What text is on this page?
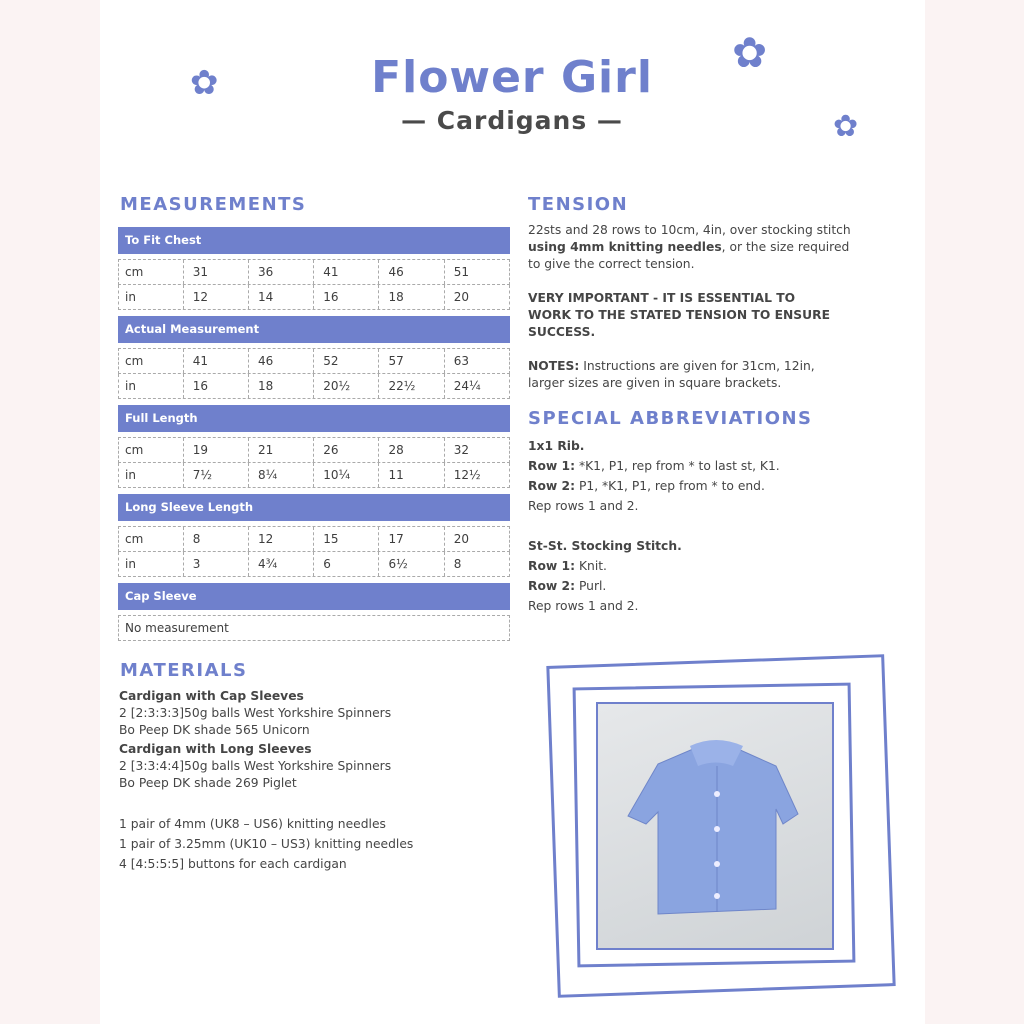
✿
✿
✿
Flower Girl
— Cardigans —
MEASUREMENTS
To Fit Chest
cm	31	36	41	46	51
in	12	14	16	18	20
Actual Measurement
cm	41	46	52	57	63
in	16	18	20½	22½	24¼
Full Length
cm	19	21	26	28	32
in	7½	8¼	10¼	11	12½
Long Sleeve Length
cm	8	12	15	17	20
in	3	4¾	6	6½	8
Cap Sleeve
No measurement
MATERIALS
Cardigan with Cap Sleeves
2 [2:3:3:3]50g balls West Yorkshire Spinners
Bo Peep DK shade 565 Unicorn
Cardigan with Long Sleeves
2 [3:3:4:4]50g balls West Yorkshire Spinners
Bo Peep DK shade 269 Piglet
1 pair of 4mm (UK8 – US6) knitting needles
1 pair of 3.25mm (UK10 – US3) knitting needles
4 [4:5:5:5] buttons for each cardigan
TENSION
22sts and 28 rows to 10cm, 4in, over stocking stitch using 4mm knitting needles, or the size required to give the correct tension.
VERY IMPORTANT - IT IS ESSENTIAL TO WORK TO THE STATED TENSION TO ENSURE SUCCESS.
NOTES: Instructions are given for 31cm, 12in, larger sizes are given in square brackets.
SPECIAL ABBREVIATIONS
1x1 Rib.
Row 1: *K1, P1, rep from * to last st, K1.
Row 2: P1, *K1, P1, rep from * to end.
Rep rows 1 and 2.
St-St. Stocking Stitch.
Row 1: Knit.
Row 2: Purl.
Rep rows 1 and 2.
